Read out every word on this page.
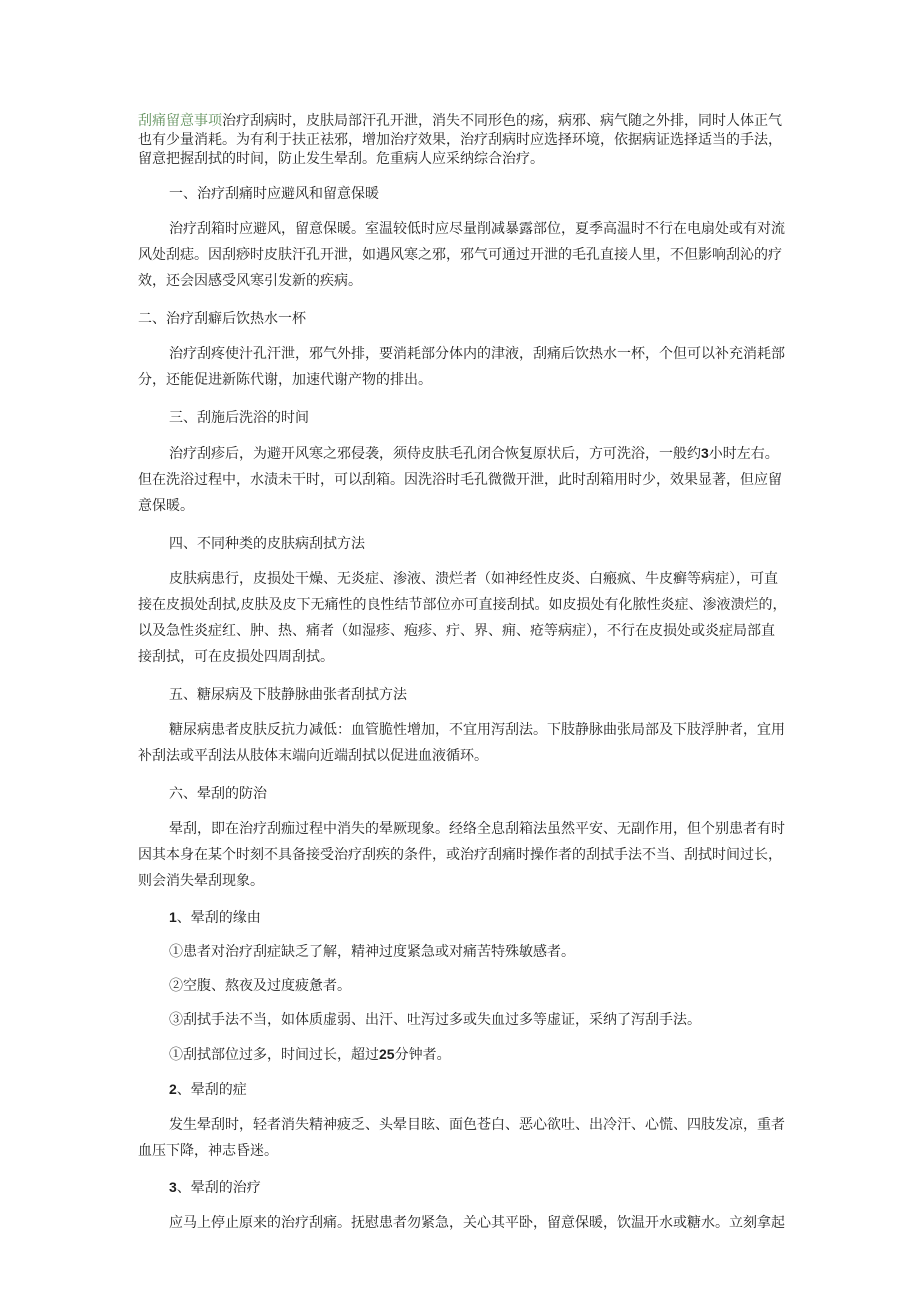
刮痛留意事项治疗刮病时，皮肤局部汗孔开泄，消失不同形色的疡，病邪、病气随之外排，同时人体正气也有少量消耗。为有利于扶正祛邪，增加治疗效果，治疗刮病时应选择环境，依据病证选择适当的手法，留意把握刮拭的时间，防止发生晕刮。危重病人应采纳综合治疗。

一、治疗刮痛时应避风和留意保暖

治疗刮箱时应避风，留意保暖。室温较低时应尽量削减暴露部位，夏季高温时不行在电扇处或有对流风处刮痣。因刮痧时皮肤汗孔开泄，如遇风寒之邪，邪气可通过开泄的毛孔直接人里，不但影响刮沁的疗效，还会因感受风寒引发新的疾病。

二、治疗刮癖后饮热水一杯

治疗刮疼使汁孔汗泄，邪气外排，要消耗部分体内的津液，刮痛后饮热水一杯，个但可以补充消耗部分，还能促进新陈代谢，加速代谢产物的排出。

三、刮施后洗浴的时间

治疗刮疹后，为避开风寒之邪侵袭，须侍皮肤毛孔闭合恢复原状后，方可洗浴，一般约3小时左右。但在洗浴过程中，水渍未干时，可以刮箱。因洗浴时毛孔微微开泄，此时刮箱用时少，效果显著，但应留意保暖。

四、不同种类的皮肤病刮拭方法

皮肤病患行，皮损处干燥、无炎症、渗液、溃烂者（如神经性皮炎、白瘢疯、牛皮癣等病症），可直接在皮损处刮拭,皮肤及皮下无痛性的良性结节部位亦可直接刮拭。如皮损处有化脓性炎症、渗液溃烂的，以及急性炎症红、肿、热、痛者（如湿疹、疱疹、疔、界、痈、疮等病症），不行在皮损处或炎症局部直接刮拭，可在皮损处四周刮拭。

五、糖尿病及下肢静脉曲张者刮拭方法

糖尿病患者皮肤反抗力减低：血管脆性增加，不宜用泻刮法。下肢静脉曲张局部及下肢浮肿者，宜用补刮法或平刮法从肢体末端向近端刮拭以促进血液循环。

六、晕刮的防治

晕刮，即在治疗刮痂过程中消失的晕厥现象。经络全息刮箱法虽然平安、无副作用，但个别患者有时因其本身在某个时刻不具备接受治疗刮疾的条件，或治疗刮痛时操作者的刮拭手法不当、刮拭时间过长，则会消失晕刮现象。

1、晕刮的缘由

①患者对治疗刮症缺乏了解，精神过度紧急或对痛苦特殊敏感者。

②空腹、熬夜及过度疲惫者。

③刮拭手法不当，如体质虚弱、出汗、吐泻过多或失血过多等虚证，采纳了泻刮手法。

①刮拭部位过多，时间过长，超过25分钟者。

2、晕刮的症

发生晕刮时，轻者消失精神疲乏、头晕目眩、面色苍白、恶心欲吐、出冷汗、心慌、四肢发凉，重者血压下降，神志昏迷。

3、晕刮的治疗

应马上停止原来的治疗刮痛。抚慰患者勿紧急，关心其平卧，留意保暖，饮温开水或糖水。立刻拿起
